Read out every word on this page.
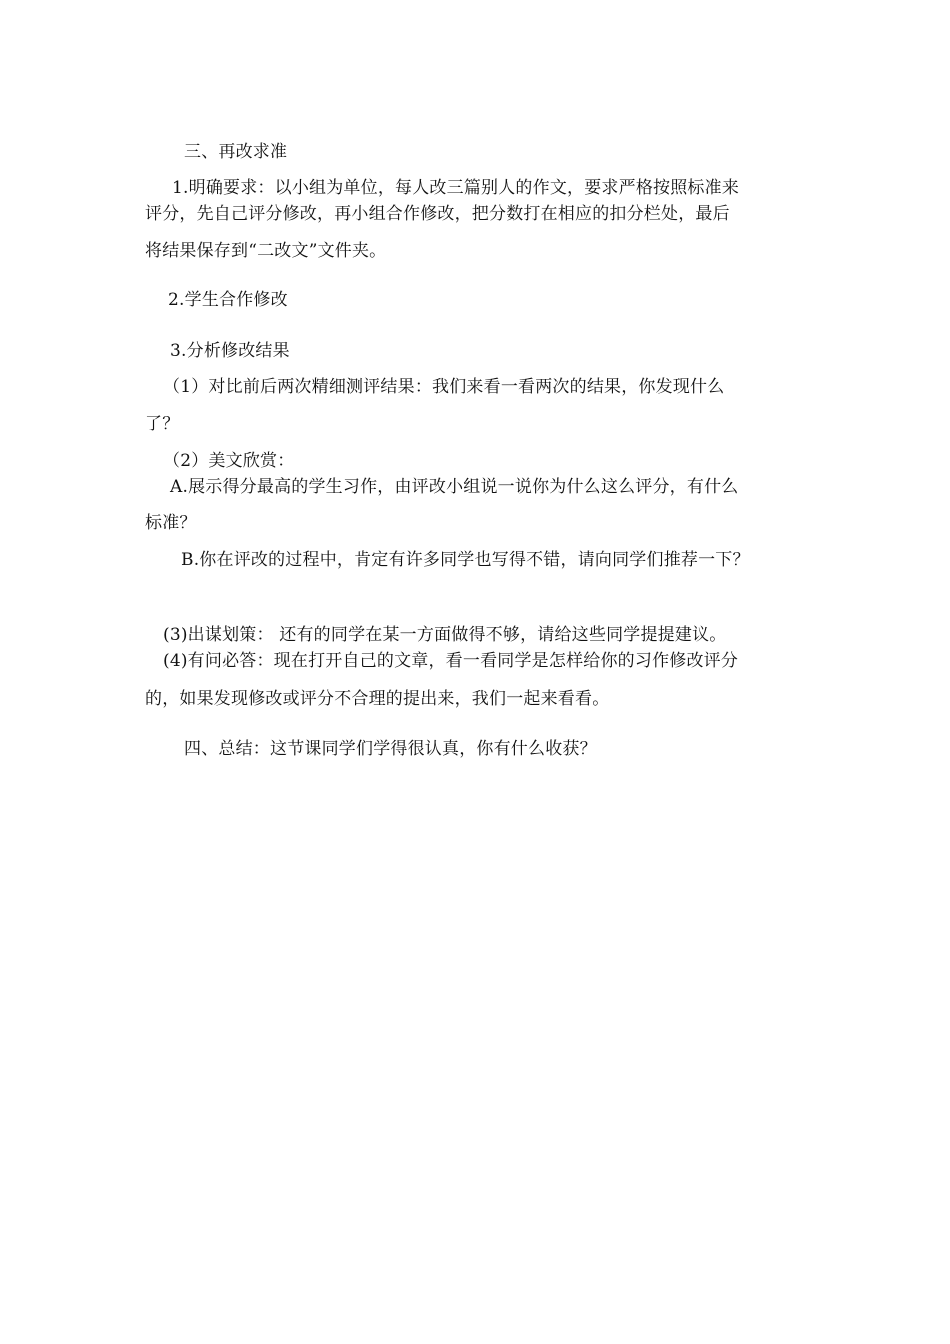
三、再改求准
1.明确要求：以小组为单位，每人改三篇别人的作文，要求严格按照标准来
评分，先自己评分修改，再小组合作修改，把分数打在相应的扣分栏处，最后
将结果保存到“二改文”文件夹。
2.学生合作修改
3.分析修改结果
（1）对比前后两次精细测评结果：我们来看一看两次的结果，你发现什么
了？
（2）美文欣赏：
A.展示得分最高的学生习作，由评改小组说一说你为什么这么评分，有什么
标准？
B.你在评改的过程中，肯定有许多同学也写得不错，请向同学们推荐一下？
(3)出谋划策： 还有的同学在某一方面做得不够，请给这些同学提提建议。
(4)有问必答：现在打开自己的文章，看一看同学是怎样给你的习作修改评分
的，如果发现修改或评分不合理的提出来，我们一起来看看。
四、总结：这节课同学们学得很认真，你有什么收获？
